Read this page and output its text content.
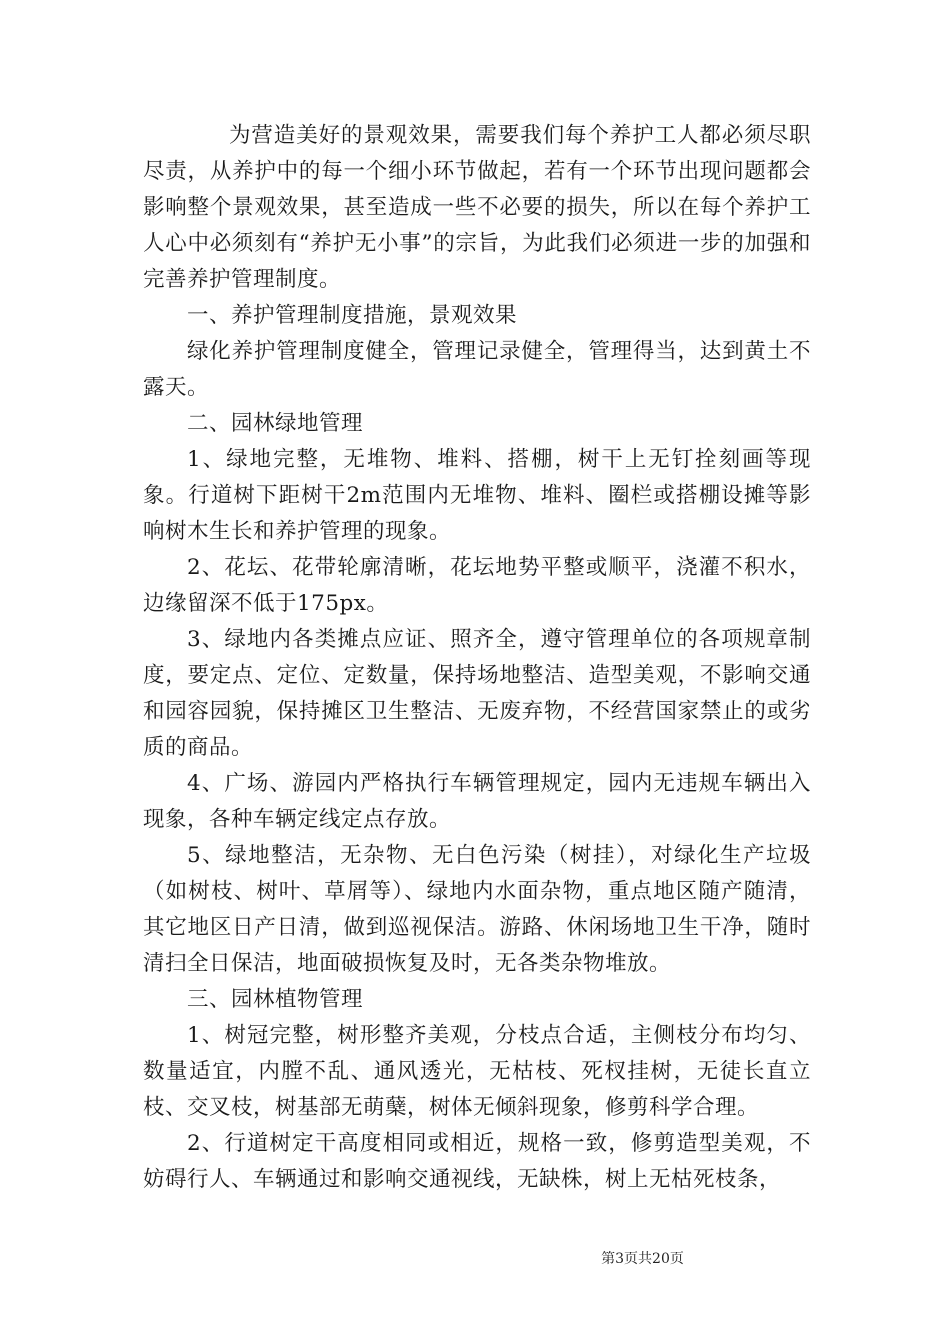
为营造美好的景观效果，需要我们每个养护工人都必须尽职尽责，从养护中的每一个细小环节做起，若有一个环节出现问题都会影响整个景观效果，甚至造成一些不必要的损失，所以在每个养护工人心中必须刻有“养护无小事”的宗旨，为此我们必须进一步的加强和完善养护管理制度。

一、养护管理制度措施，景观效果

绿化养护管理制度健全，管理记录健全，管理得当，达到黄土不露天。

二、园林绿地管理

1、绿地完整，无堆物、堆料、搭棚，树干上无钉拴刻画等现象。行道树下距树干2m范围内无堆物、堆料、圈栏或搭棚设摊等影响树木生长和养护管理的现象。

2、花坛、花带轮廓清晰，花坛地势平整或顺平，浇灌不积水，边缘留深不低于175px。

3、绿地内各类摊点应证、照齐全，遵守管理单位的各项规章制度，要定点、定位、定数量，保持场地整洁、造型美观，不影响交通和园容园貌，保持摊区卫生整洁、无废弃物，不经营国家禁止的或劣质的商品。

4、广场、游园内严格执行车辆管理规定，园内无违规车辆出入现象，各种车辆定线定点存放。

5、绿地整洁，无杂物、无白色污染（树挂），对绿化生产垃圾（如树枝、树叶、草屑等）、绿地内水面杂物，重点地区随产随清，其它地区日产日清，做到巡视保洁。游路、休闲场地卫生干净，随时清扫全日保洁，地面破损恢复及时，无各类杂物堆放。

三、园林植物管理

1、树冠完整，树形整齐美观，分枝点合适，主侧枝分布均匀、数量适宜，内膛不乱、通风透光，无枯枝、死杈挂树，无徒长直立枝、交叉枝，树基部无萌蘖，树体无倾斜现象，修剪科学合理。

2、行道树定干高度相同或相近，规格一致，修剪造型美观，不妨碍行人、车辆通过和影响交通视线，无缺株，树上无枯死枝条，

第3页共20页
